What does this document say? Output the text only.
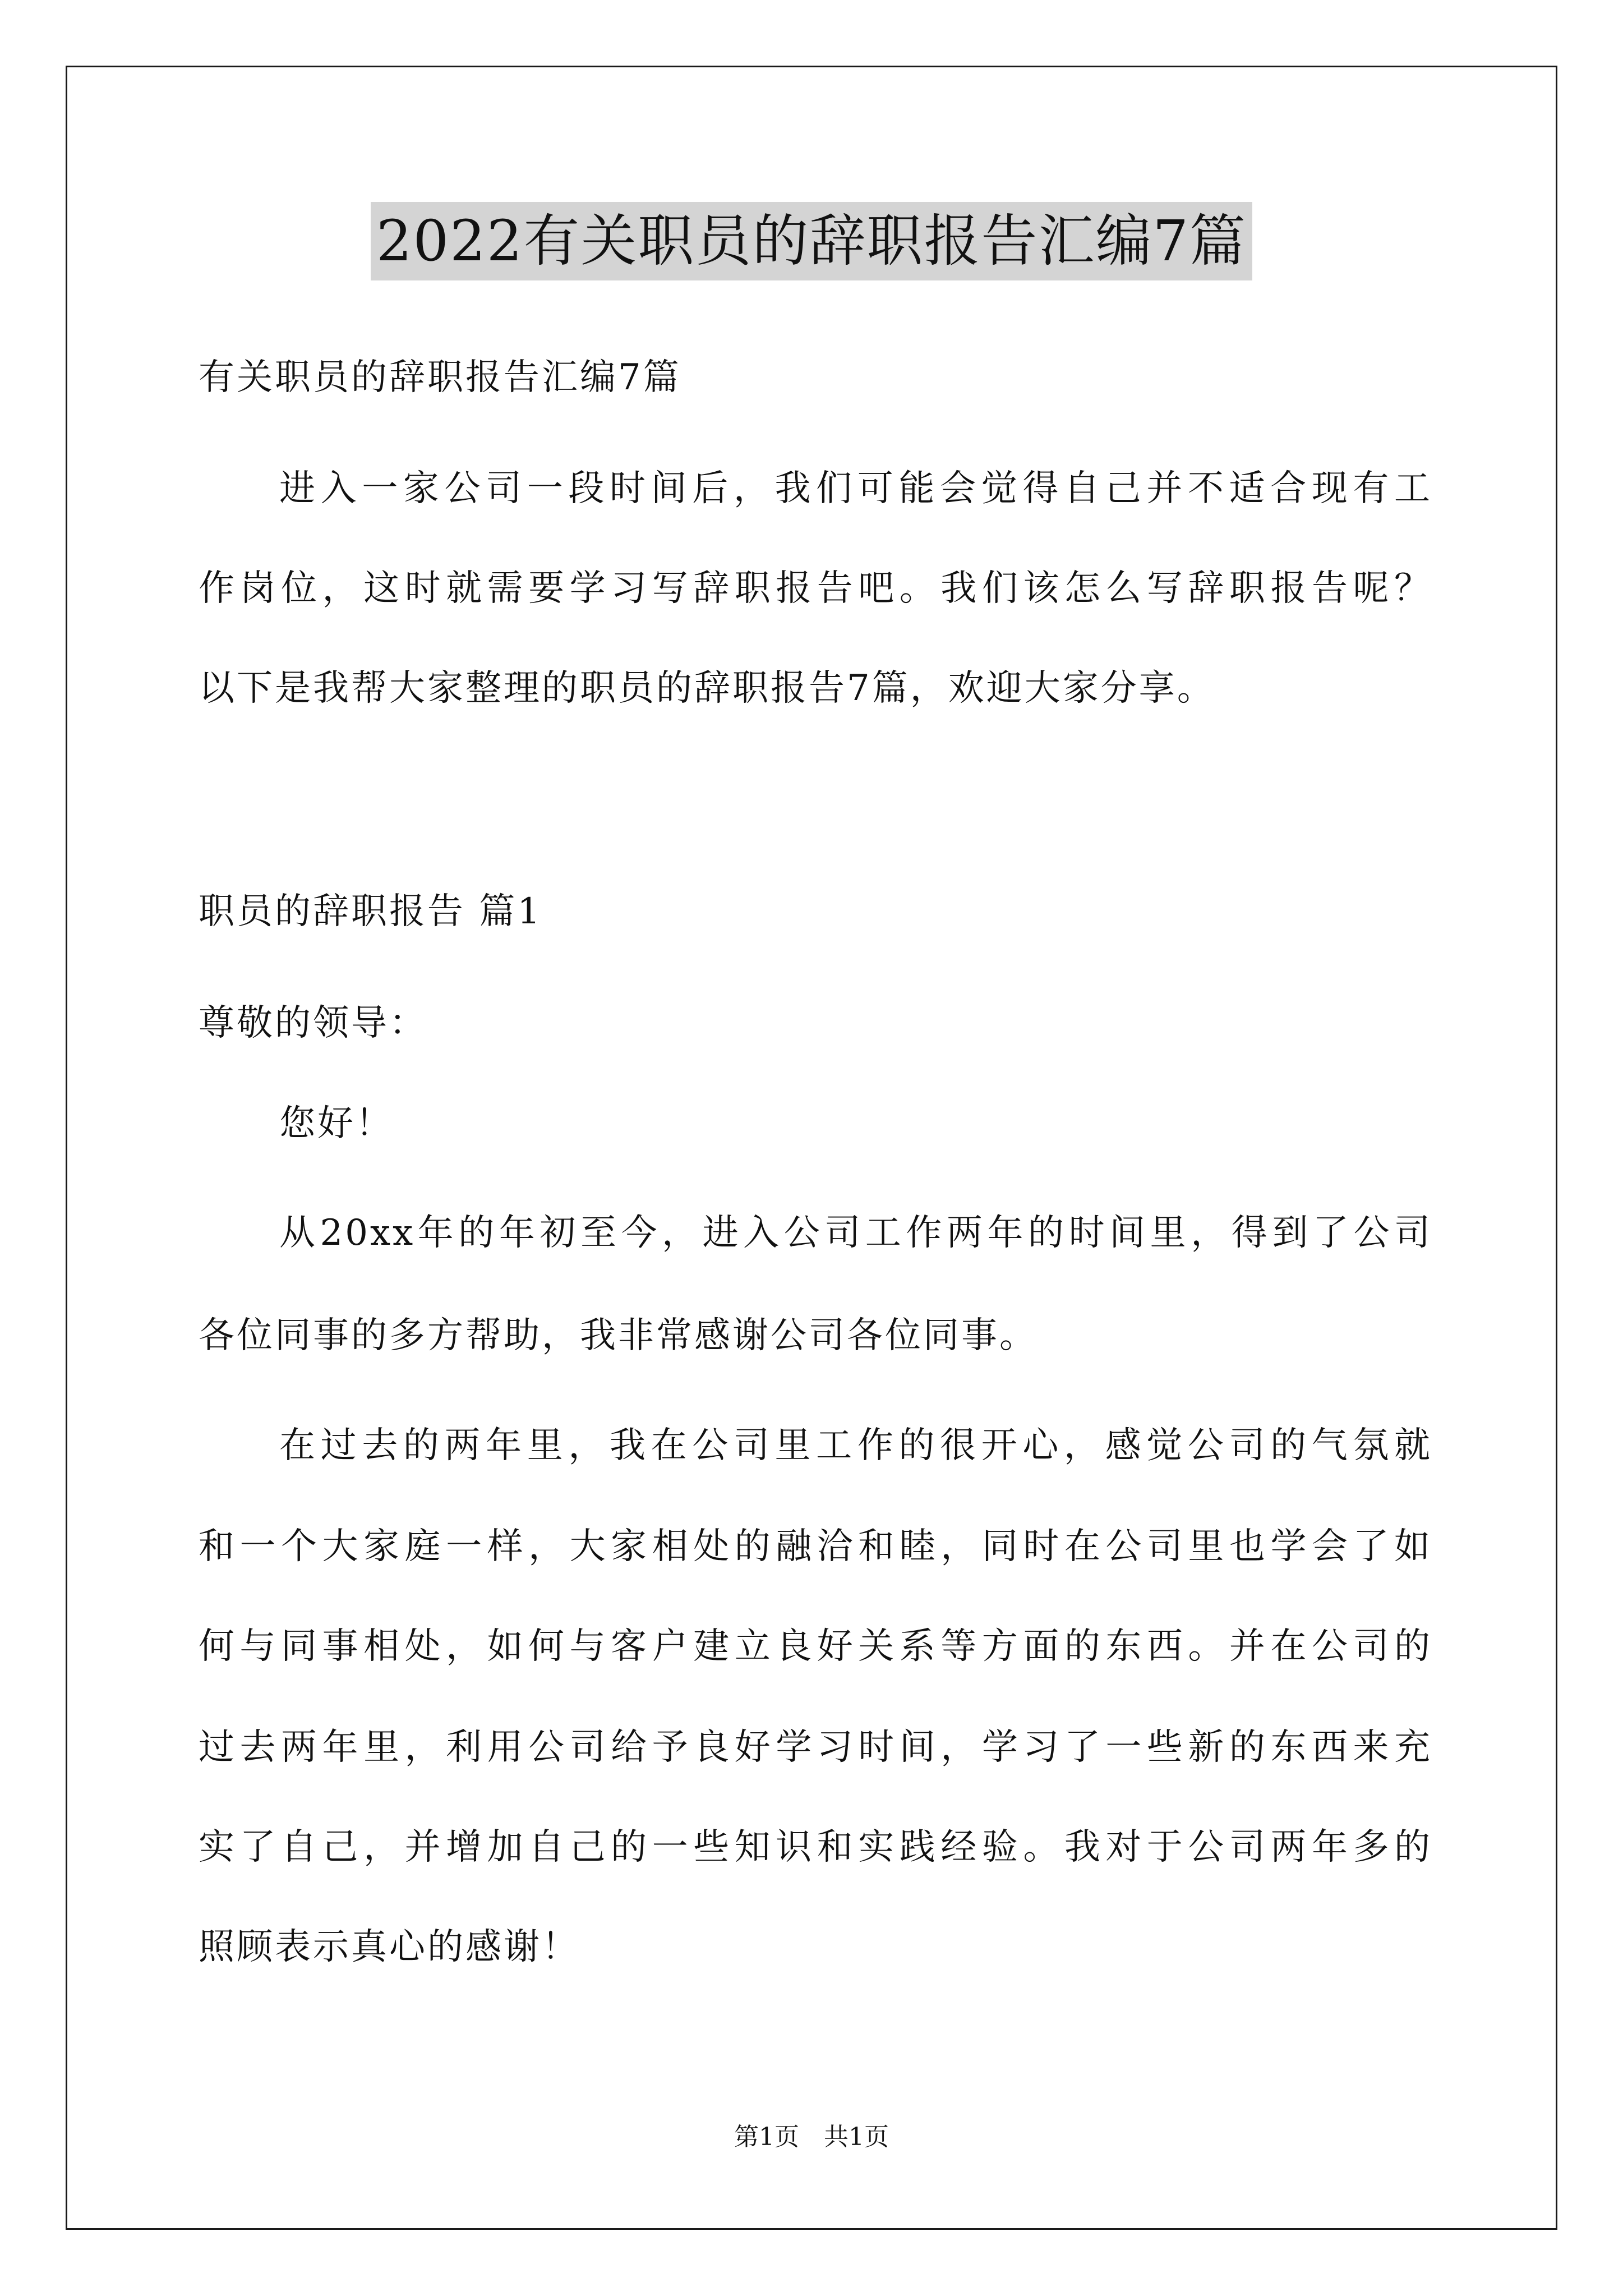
2022有关职员的辞职报告汇编7篇
有关职员的辞职报告汇编7篇
进入一家公司一段时间后，我们可能会觉得自己并不适合现有工
作岗位，这时就需要学习写辞职报告吧。我们该怎么写辞职报告呢？
以下是我帮大家整理的职员的辞职报告7篇，欢迎大家分享。
职员的辞职报告 篇1
尊敬的领导：
您好！
从20xx年的年初至今，进入公司工作两年的时间里，得到了公司
各位同事的多方帮助，我非常感谢公司各位同事。
在过去的两年里，我在公司里工作的很开心，感觉公司的气氛就
和一个大家庭一样，大家相处的融洽和睦，同时在公司里也学会了如
何与同事相处，如何与客户建立良好关系等方面的东西。并在公司的
过去两年里，利用公司给予良好学习时间，学习了一些新的东西来充
实了自己，并增加自己的一些知识和实践经验。我对于公司两年多的
照顾表示真心的感谢！
第1页　共1页
